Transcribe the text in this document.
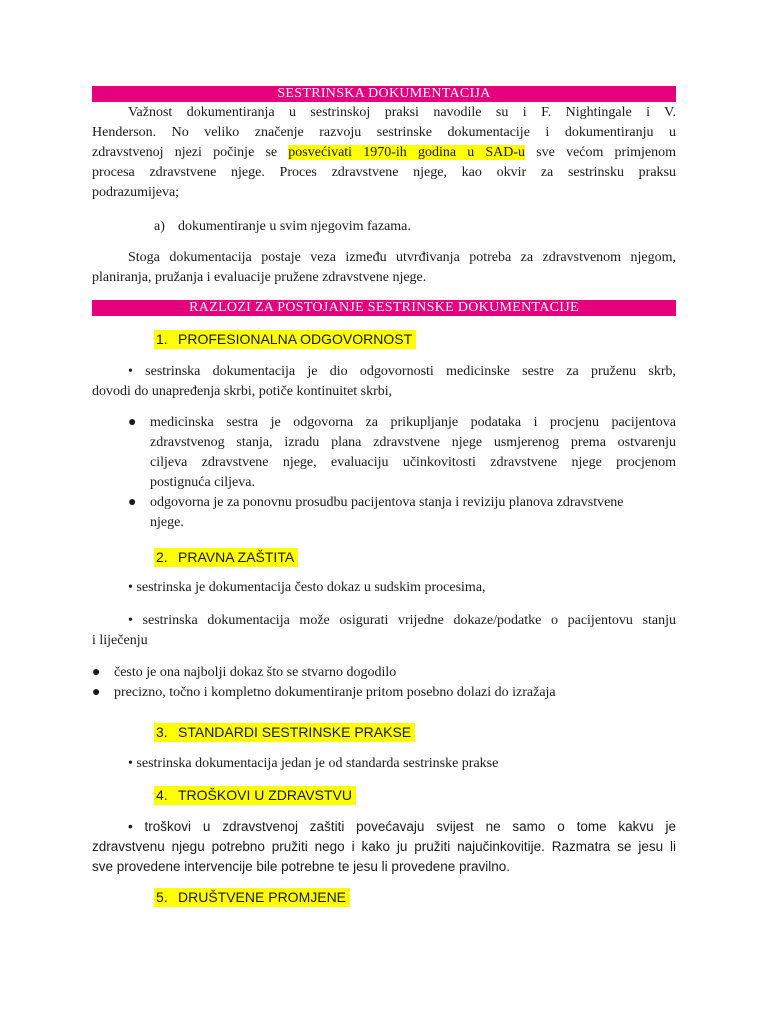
SESTRINSKA DOKUMENTACIJA

Važnost dokumentiranja u sestrinskoj praksi navodile su i F. Nightingale i V.
Henderson. No veliko značenje razvoju sestrinske dokumentacije i dokumentiranju u
zdravstvenoj njezi počinje se posvećivati 1970-ih godina u SAD-u sve većom primjenom
procesa zdravstvene njege. Proces zdravstvene njege, kao okvir za sestrinsku praksu
podrazumijeva;

a) dokumentiranje u svim njegovim fazama.

Stoga dokumentacija postaje veza između utvrđivanja potreba za zdravstvenom njegom,
planiranja, pružanja i evaluacije pružene zdravstvene njege.

RAZLOZI ZA POSTOJANJE SESTRINSKE DOKUMENTACIJE
1. PROFESIONALNA ODGOVORNOST

• sestrinska dokumentacija je dio odgovornosti medicinske sestre za pruženu skrb,
dovodi do unapređenja skrbi, potiče kontinuitet skrbi,

● medicinska sestra je odgovorna za prikupljanje podataka i procjenu pacijentova
zdravstvenog stanja, izradu plana zdravstvene njege usmjerenog prema ostvarenju
ciljeva zdravstvene njege, evaluaciju učinkovitosti zdravstvene njege procjenom
postignuća ciljeva.
● odgovorna je za ponovnu prosudbu pacijentova stanja i reviziju planova zdravstvene
njege.
2. PRAVNA ZAŠTITA

• sestrinska je dokumentacija često dokaz u sudskim procesima,

• sestrinska dokumentacija može osigurati vrijedne dokaze/podatke o pacijentovu stanju
i liječenju

● često je ona najbolji dokaz što se stvarno dogodilo
● precizno, točno i kompletno dokumentiranje pritom posebno dolazi do izražaja
3. STANDARDI SESTRINSKE PRAKSE

• sestrinska dokumentacija jedan je od standarda sestrinske prakse

4. TROŠKOVI U ZDRAVSTVU

• troškovi u zdravstvenoj zaštiti povećavaju svijest ne samo o tome kakvu je
zdravstvenu njegu potrebno pružiti nego i kako ju pružiti najučinkovitije. Razmatra se jesu li
sve provedene intervencije bile potrebne te jesu li provedene pravilno.

5. DRUŠTVENE PROMJENE
